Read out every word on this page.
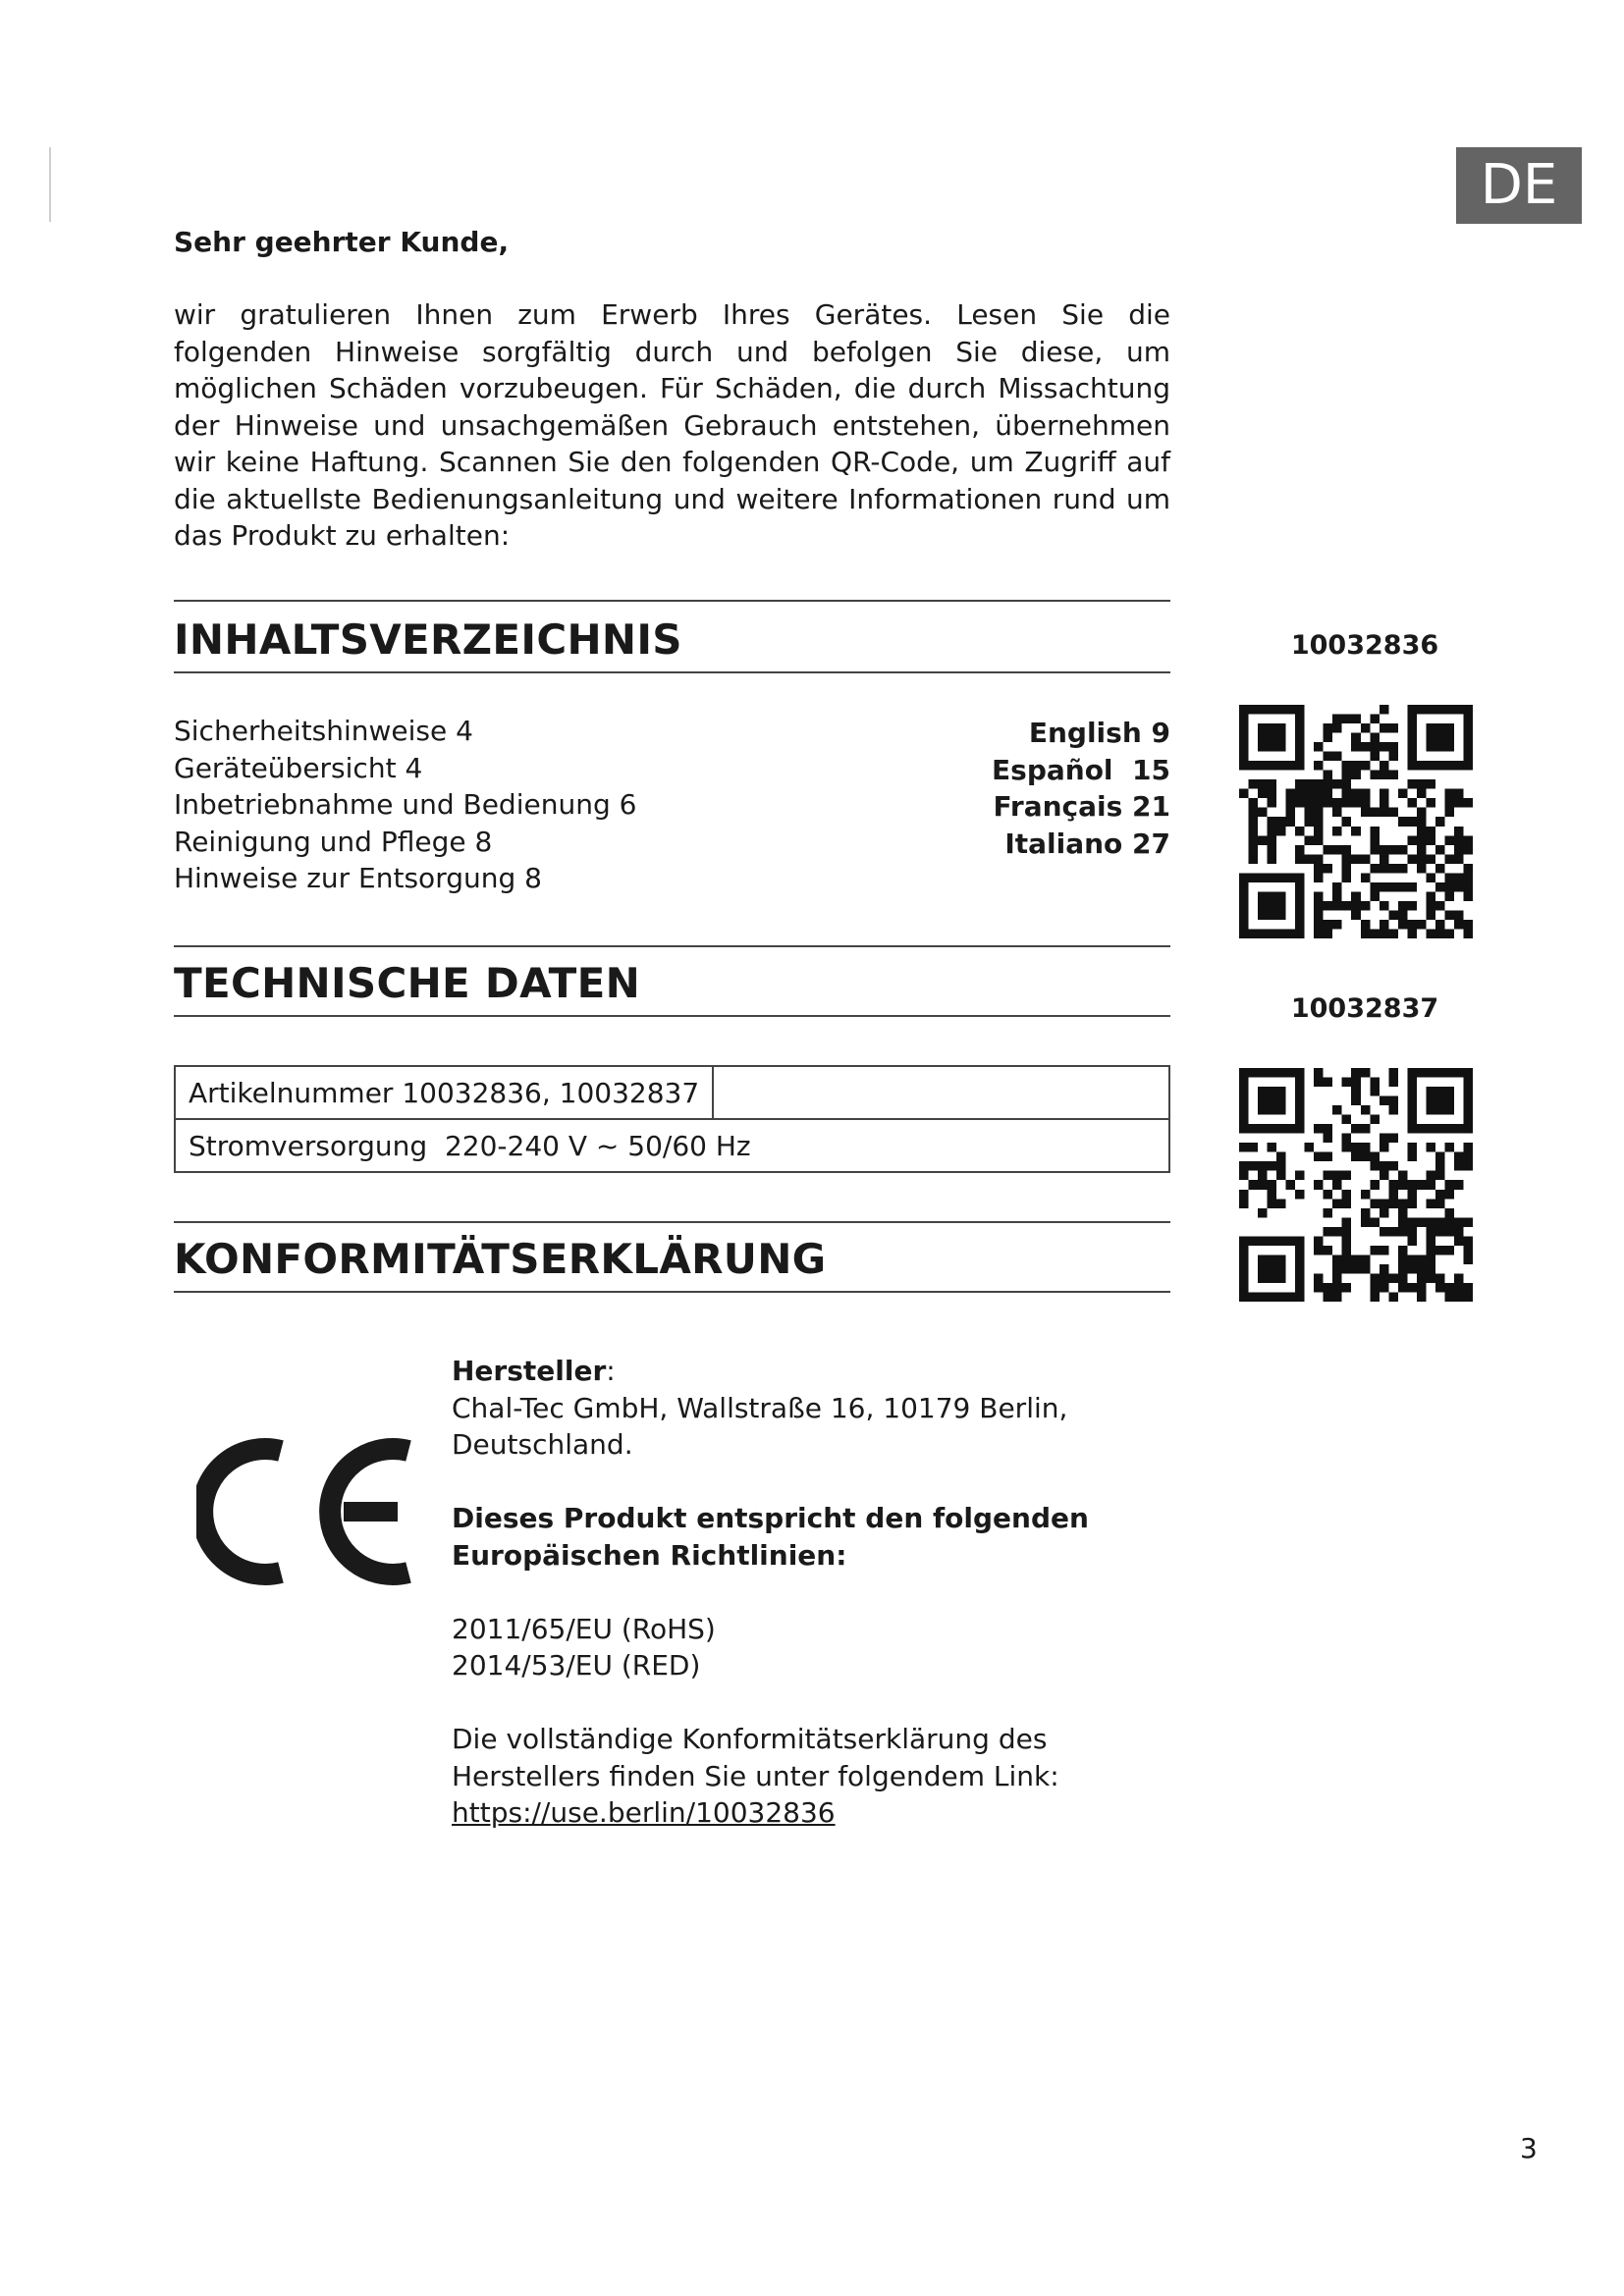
DE
Sehr geehrter Kunde,

wir gratulieren Ihnen zum Erwerb Ihres Gerätes. Lesen Sie die folgenden Hinweise sorgfältig durch und befolgen Sie diese, um möglichen Schäden vorzubeugen. Für Schäden, die durch Missachtung der Hinweise und unsachgemäßen Gebrauch entstehen, übernehmen wir keine Haftung. Scannen Sie den folgenden QR-Code, um Zugriff auf die aktuellste Bedienungsanleitung und weitere Informationen rund um das Produkt zu erhalten:

INHALTSVERZEICHNIS
Sicherheitshinweise 4
Geräteübersicht 4
Inbetriebnahme und Bedienung 6
Reinigung und Pflege 8
Hinweise zur Entsorgung 8
English 9
Español  15
Français 21
Italiano 27
TECHNISCHE DATEN
Artikelnummer 10032836, 10032837	
Stromversorgung 220-240 V ~ 50/60 Hz
KONFORMITÄTSERKLÄRUNG
Hersteller:
Chal-Tec GmbH, Wallstraße 16, 10179 Berlin,
Deutschland.
Dieses Produkt entspricht den folgenden
Europäischen Richtlinien:
2011/65/EU (RoHS)
2014/53/EU (RED)
Die vollständige Konformitätserklärung des
Herstellers finden Sie unter folgendem Link:
https://use.berlin/10032836
10032836
10032837
3
